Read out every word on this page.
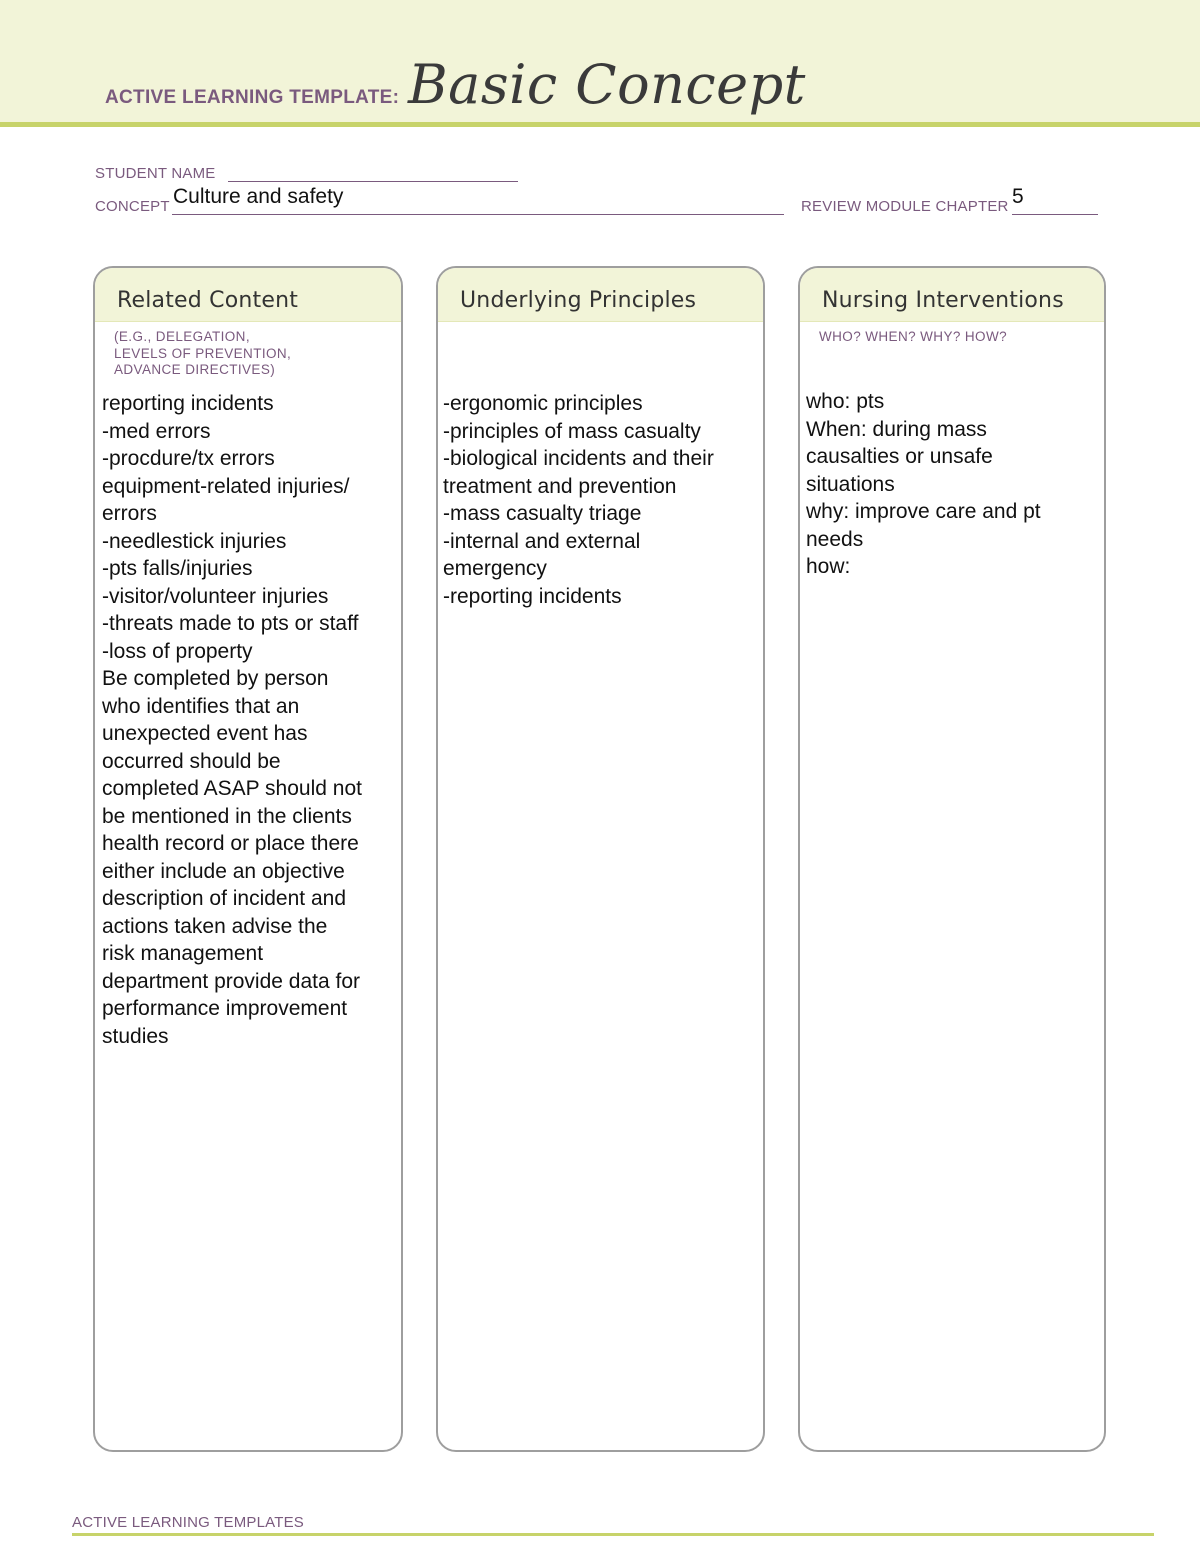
ACTIVE LEARNING TEMPLATE: Basic Concept
STUDENT NAME
CONCEPT Culture and safety	REVIEW MODULE CHAPTER 5
Related Content
(E.G., DELEGATION,
LEVELS OF PREVENTION,
ADVANCE DIRECTIVES)
reporting incidents
-med errors
-procdure/tx errors
equipment-related injuries/
errors
-needlestick injuries
-pts falls/injuries
-visitor/volunteer injuries
-threats made to pts or staff
-loss of property
Be completed by person
who identifies that an
unexpected event has
occurred should be
completed ASAP should not
be mentioned in the clients
health record or place there
either include an objective
description of incident and
actions taken advise the
risk management
department provide data for
performance improvement
studies
Underlying Principles
-ergonomic principles
-principles of mass casualty
-biological incidents and their
treatment and prevention
-mass casualty triage
-internal and external
emergency
-reporting incidents
Nursing Interventions
WHO? WHEN? WHY? HOW?
who: pts
When: during mass
causalties or unsafe
situations
why: improve care and pt
needs
how:
ACTIVE LEARNING TEMPLATES
